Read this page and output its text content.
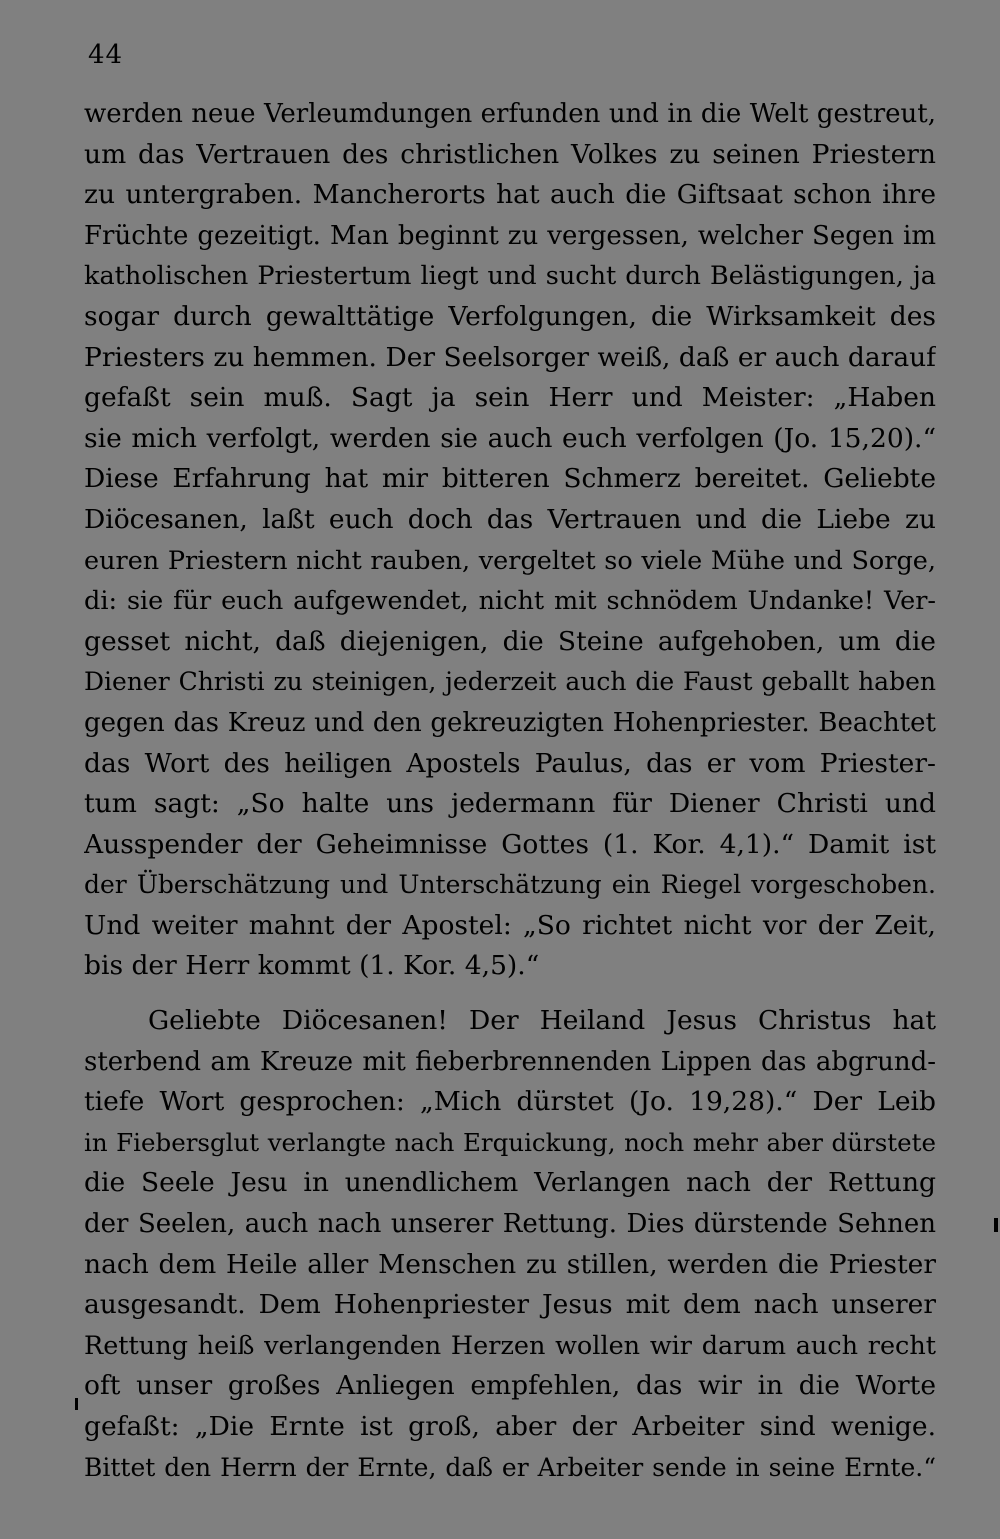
44
werden neue Verleumdungen erfunden und in die Welt gestreut,
um das Vertrauen des christlichen Volkes zu seinen Priestern
zu untergraben. Mancherorts hat auch die Giftsaat schon ihre
Früchte gezeitigt. Man beginnt zu vergessen, welcher Segen im
katholischen Priestertum liegt und sucht durch Belästigungen, ja
sogar durch gewalttätige Verfolgungen, die Wirksamkeit des
Priesters zu hemmen. Der Seelsorger weiß, daß er auch darauf
gefaßt sein muß. Sagt ja sein Herr und Meister: „Haben
sie mich verfolgt, werden sie auch euch verfolgen (Jo. 15,20).“
Diese Erfahrung hat mir bitteren Schmerz bereitet. Geliebte
Diöcesanen, laßt euch doch das Vertrauen und die Liebe zu
euren Priestern nicht rauben, vergeltet so viele Mühe und Sorge,
di: sie für euch aufgewendet, nicht mit schnödem Undanke! Ver-
gesset nicht, daß diejenigen, die Steine aufgehoben, um die
Diener Christi zu steinigen, jederzeit auch die Faust geballt haben
gegen das Kreuz und den gekreuzigten Hohenpriester. Beachtet
das Wort des heiligen Apostels Paulus, das er vom Priester-
tum sagt: „So halte uns jedermann für Diener Christi und
Ausspender der Geheimnisse Gottes (1. Kor. 4,1).“ Damit ist
der Überschätzung und Unterschätzung ein Riegel vorgeschoben.
Und weiter mahnt der Apostel: „So richtet nicht vor der Zeit,
bis der Herr kommt (1. Kor. 4,5).“
Geliebte Diöcesanen! Der Heiland Jesus Christus hat
sterbend am Kreuze mit fieberbrennenden Lippen das abgrund-
tiefe Wort gesprochen: „Mich dürstet (Jo. 19,28).“ Der Leib
in Fiebersglut verlangte nach Erquickung, noch mehr aber dürstete
die Seele Jesu in unendlichem Verlangen nach der Rettung
der Seelen, auch nach unserer Rettung. Dies dürstende Sehnen
nach dem Heile aller Menschen zu stillen, werden die Priester
ausgesandt. Dem Hohenpriester Jesus mit dem nach unserer
Rettung heiß verlangenden Herzen wollen wir darum auch recht
oft unser großes Anliegen empfehlen, das wir in die Worte
gefaßt: „Die Ernte ist groß, aber der Arbeiter sind wenige.
Bittet den Herrn der Ernte, daß er Arbeiter sende in seine Ernte.“
